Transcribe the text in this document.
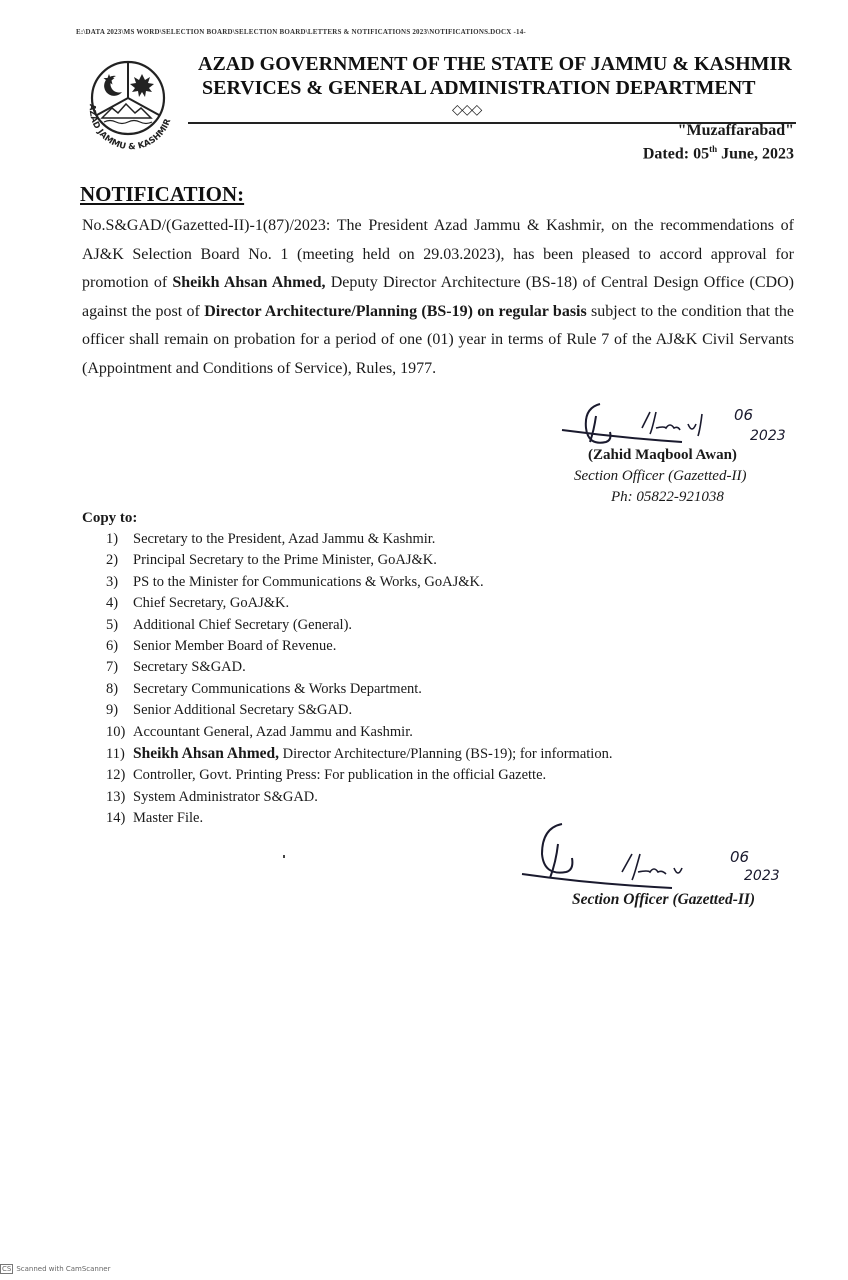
E:\DATA 2023\MS WORD\SELECTION BOARD\SELECTION BOARD\LETTERS & NOTIFICATIONS 2023\NOTIFICATIONS.DOCX -14-
AZAD JAMMU & KASHMIR
AZAD GOVERNMENT OF THE STATE OF JAMMU & KASHMIR
SERVICES & GENERAL ADMINISTRATION DEPARTMENT
◇◇◇
"Muzaffarabad"
Dated: 05th June, 2023
NOTIFICATION:
No.S&GAD/(Gazetted-II)-1(87)/2023: The President Azad Jammu & Kashmir, on the recommendations of AJ&K Selection Board No. 1 (meeting held on 29.03.2023), has been pleased to accord approval for promotion of Sheikh Ahsan Ahmed, Deputy Director Architecture (BS-18) of Central Design Office (CDO) against the post of Director Architecture/Planning (BS-19) on regular basis subject to the condition that the officer shall remain on probation for a period of one (01) year in terms of Rule 7 of the AJ&K Civil Servants (Appointment and Conditions of Service), Rules, 1977.
06
2023
(Zahid Maqbool Awan)
Section Officer (Gazetted-II)
Ph: 05822-921038
Copy to:
1) Secretary to the President, Azad Jammu & Kashmir.
2) Principal Secretary to the Prime Minister, GoAJ&K.
3) PS to the Minister for Communications & Works, GoAJ&K.
4) Chief Secretary, GoAJ&K.
5) Additional Chief Secretary (General).
6) Senior Member Board of Revenue.
7) Secretary S&GAD.
8) Secretary Communications & Works Department.
9) Senior Additional Secretary S&GAD.
10) Accountant General, Azad Jammu and Kashmir.
11) Sheikh Ahsan Ahmed, Director Architecture/Planning (BS-19); for information.
12) Controller, Govt. Printing Press: For publication in the official Gazette.
13) System Administrator S&GAD.
14) Master File.
06
2023
Section Officer (Gazetted-II)
CS Scanned with CamScanner
